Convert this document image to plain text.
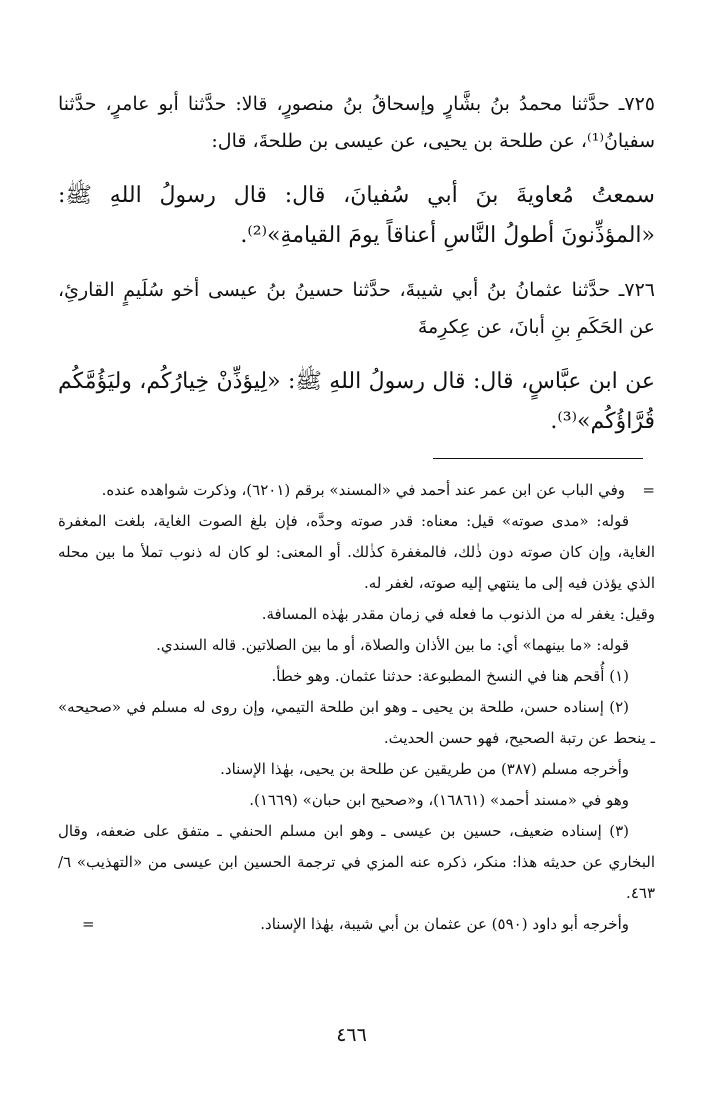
٧٢٥ـ حدَّثنا محمدُ بنُ بشَّارٍ وإسحاقُ بنُ منصورٍ، قالا: حدَّثنا أبو عامرٍ، حدَّثنا سفيانُ⁽¹⁾، عن طلحة بن يحيى، عن عيسى بن طلحةَ، قال:

سمعتُ مُعاويةَ بنَ أبي سُفيانَ، قال: قال رسولُ اللهِ ﷺ: «المؤذِّنونَ أطولُ النَّاسِ أعناقاً يومَ القيامةِ»⁽²⁾.

٧٢٦ـ حدَّثنا عثمانُ بنُ أبي شيبةَ، حدَّثنا حسينُ بنُ عيسى أخو سُلَيمٍ القارئِ، عن الحَكَمِ بنِ أبانَ، عن عِكرِمةَ

عن ابن عبَّاسٍ، قال: قال رسولُ اللهِ ﷺ: «لِيؤذِّنْ خِيارُكُم، وليَؤُمَّكُم قُرَّاؤُكُم»⁽³⁾.

=وفي الباب عن ابن عمر عند أحمد في «المسند» برقم (٦٢٠١)، وذكرت شواهده عنده.

قوله: «مدى صوته» قيل: معناه: قدر صوته وحدَّه، فإن بلغ الصوت الغاية، بلغت المغفرة الغاية، وإن كان صوته دون ذٰلك، فالمغفرة كذٰلك. أو المعنى: لو كان له ذنوب تملأ ما بين محله الذي يؤذن فيه إلى ما ينتهي إليه صوته، لغفر له.

وقيل: يغفر له من الذنوب ما فعله في زمان مقدر بهٰذه المسافة.

قوله: «ما بينهما» أي: ما بين الأذان والصلاة، أو ما بين الصلاتين. قاله السندي.

(١) أُقحم هنا في النسخ المطبوعة: حدثنا عثمان. وهو خطأ.

(٢) إسناده حسن، طلحة بن يحيى ـ وهو ابن طلحة التيمي، وإن روى له مسلم في «صحيحه» ـ ينحط عن رتبة الصحيح، فهو حسن الحديث.

وأخرجه مسلم (٣٨٧) من طريقين عن طلحة بن يحيى، بهٰذا الإسناد.

وهو في «مسند أحمد» (١٦٨٦١)، و«صحيح ابن حبان» (١٦٦٩).

(٣) إسناده ضعيف، حسين بن عيسى ـ وهو ابن مسلم الحنفي ـ متفق على ضعفه، وقال البخاري عن حديثه هذا: منكر، ذكره عنه المزي في ترجمة الحسين ابن عيسى من «التهذيب» ٦/ ٤٦٣.

وأخرجه أبو داود (٥٩٠) عن عثمان بن أبي شيبة، بهٰذا الإسناد.
=

٤٦٦
